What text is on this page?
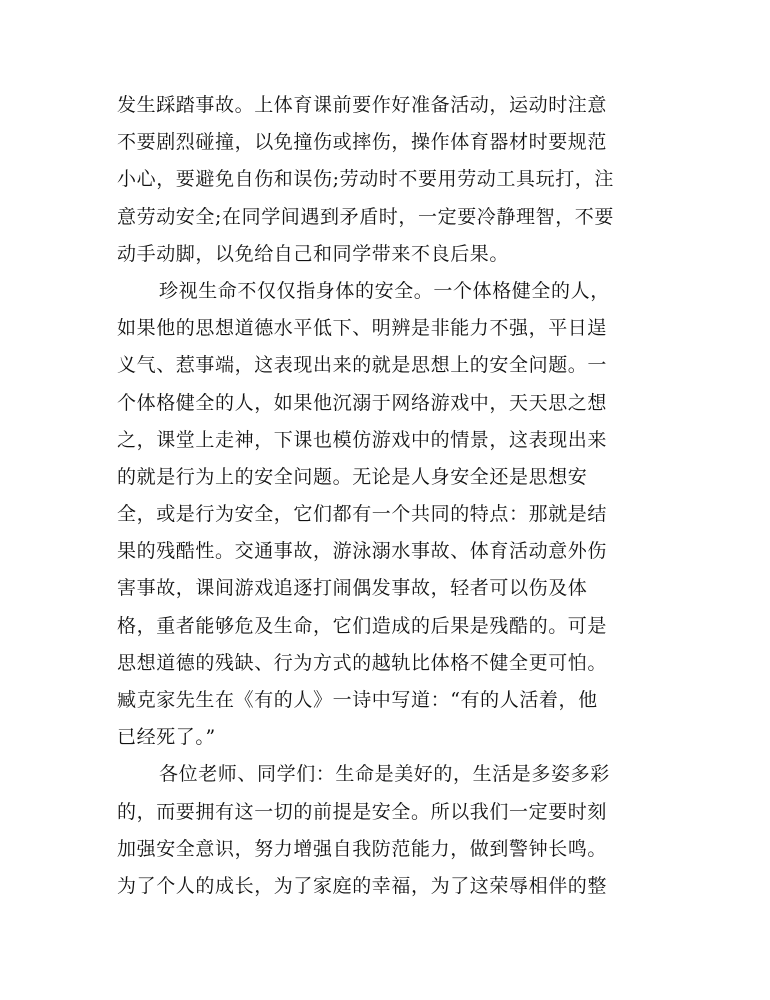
发生踩踏事故。上体育课前要作好准备活动，运动时注意
不要剧烈碰撞，以免撞伤或摔伤，操作体育器材时要规范
小心，要避免自伤和误伤;劳动时不要用劳动工具玩打，注
意劳动安全;在同学间遇到矛盾时，一定要冷静理智，不要
动手动脚，以免给自己和同学带来不良后果。
珍视生命不仅仅指身体的安全。一个体格健全的人，
如果他的思想道德水平低下、明辨是非能力不强，平日逞
义气、惹事端，这表现出来的就是思想上的安全问题。一
个体格健全的人，如果他沉溺于网络游戏中，天天思之想
之，课堂上走神，下课也模仿游戏中的情景，这表现出来
的就是行为上的安全问题。无论是人身安全还是思想安
全，或是行为安全，它们都有一个共同的特点：那就是结
果的残酷性。交通事故，游泳溺水事故、体育活动意外伤
害事故，课间游戏追逐打闹偶发事故，轻者可以伤及体
格，重者能够危及生命，它们造成的后果是残酷的。可是
思想道德的残缺、行为方式的越轨比体格不健全更可怕。
臧克家先生在《有的人》一诗中写道：“有的人活着，他
已经死了。”
各位老师、同学们：生命是美好的，生活是多姿多彩
的，而要拥有这一切的前提是安全。所以我们一定要时刻
加强安全意识，努力增强自我防范能力，做到警钟长鸣。
为了个人的成长，为了家庭的幸福，为了这荣辱相伴的整
